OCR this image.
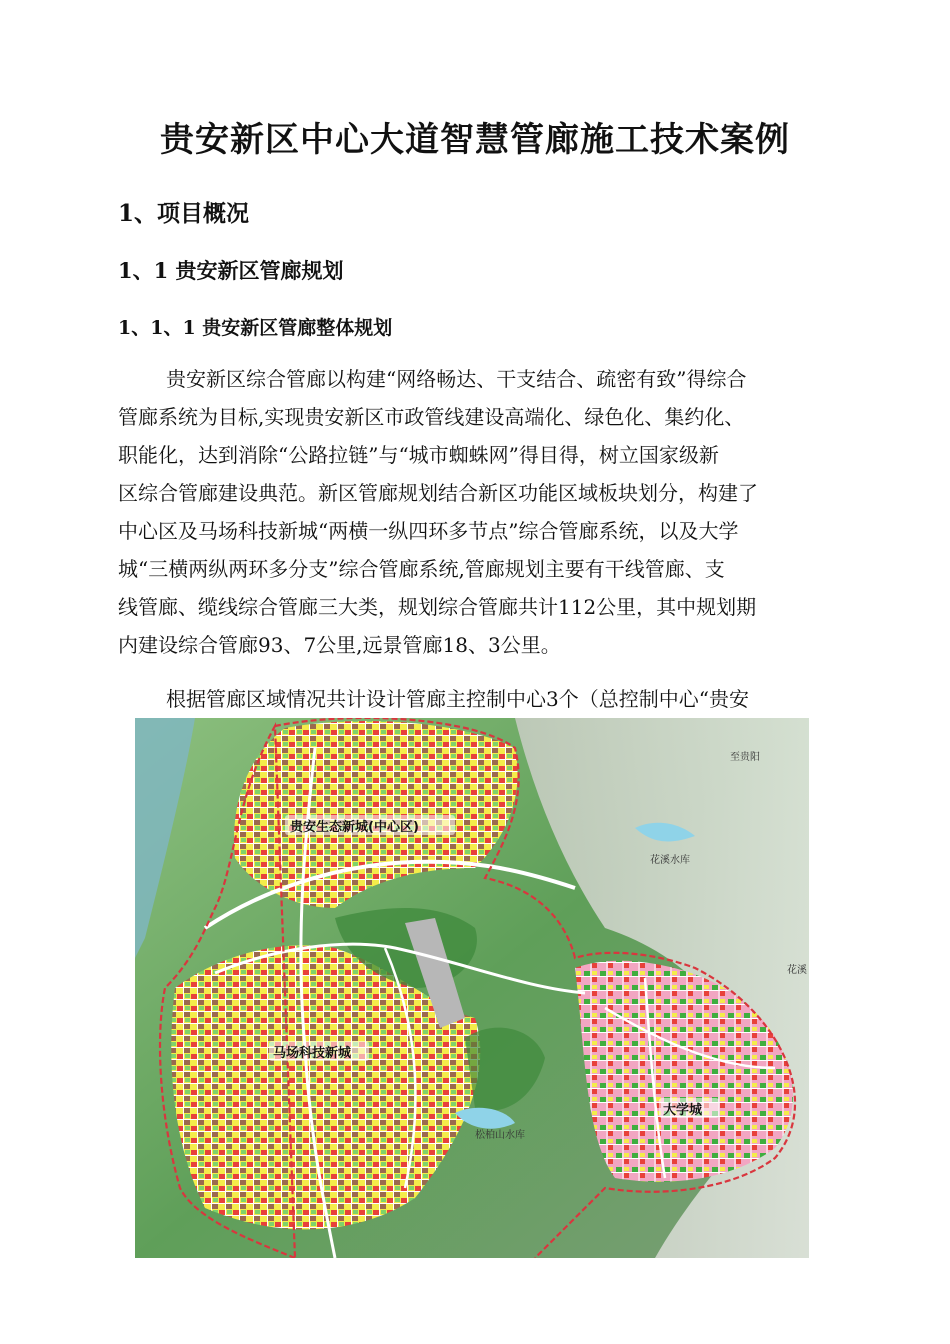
贵安新区中心大道智慧管廊施工技术案例
1、项目概况
1、1 贵安新区管廊规划
1、1、1 贵安新区管廊整体规划

贵安新区综合管廊以构建“网络畅达、干支结合、疏密有致”得综合
管廊系统为目标,实现贵安新区市政管线建设高端化、绿色化、集约化、
职能化，达到消除“公路拉链”与“城市蜘蛛网”得目得，树立国家级新
区综合管廊建设典范。新区管廊规划结合新区功能区域板块划分，构建了
中心区及马场科技新城“两横一纵四环多节点”综合管廊系统，以及大学
城“三横两纵两环多分支”综合管廊系统,管廊规划主要有干线管廊、支
线管廊、缆线综合管廊三大类，规划综合管廊共计112公里，其中规划期
内建设综合管廊93、7公里,远景管廊18、3公里。

根据管廊区域情况共计设计管廊主控制中心3个（总控制中心“贵安

贵安生态新城(中心区)
马场科技新城
大学城
至贵阳
花溪水库
松柏山水库
花溪
